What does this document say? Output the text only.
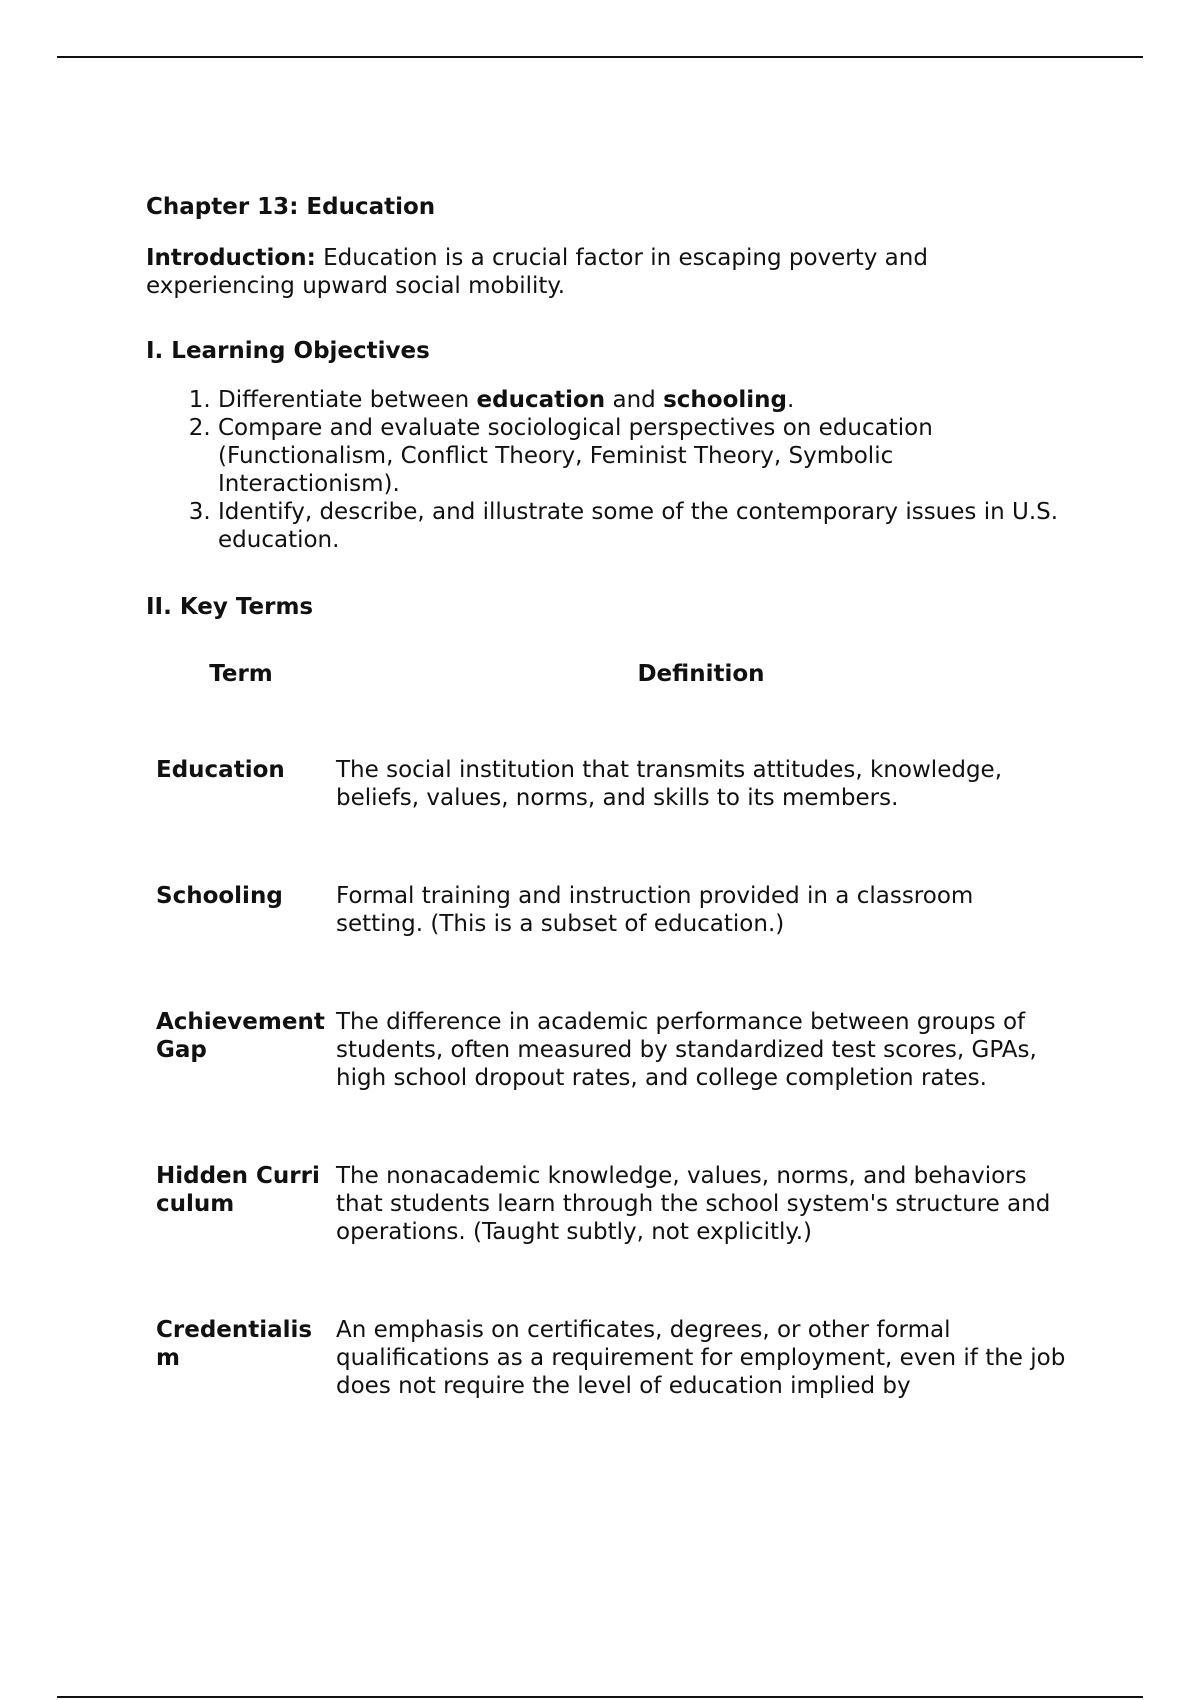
Chapter 13: Education

Introduction: Education is a crucial factor in escaping poverty and experiencing upward social mobility.

I. Learning Objectives
1. Differentiate between education and schooling.
2. Compare and evaluate sociological perspectives on education (Functionalism, Conflict Theory, Feminist Theory, Symbolic Interactionism).
3. Identify, describe, and illustrate some of the contemporary issues in U.S. education.
II. Key Terms
Term	Definition

Education	The social institution that transmits attitudes, knowledge, beliefs, values, norms, and skills to its members.

Schooling	Formal training and instruction provided in a classroom setting. (This is a subset of education.)

Achievement Gap	The difference in academic performance between groups of students, often measured by standardized test scores, GPAs, high school dropout rates, and college completion rates.

Hidden Curriculum	The nonacademic knowledge, values, norms, and behaviors that students learn through the school system's structure and operations. (Taught subtly, not explicitly.)

Credentialism	An emphasis on certificates, degrees, or other formal qualifications as a requirement for employment, even if the job does not require the level of education implied by
